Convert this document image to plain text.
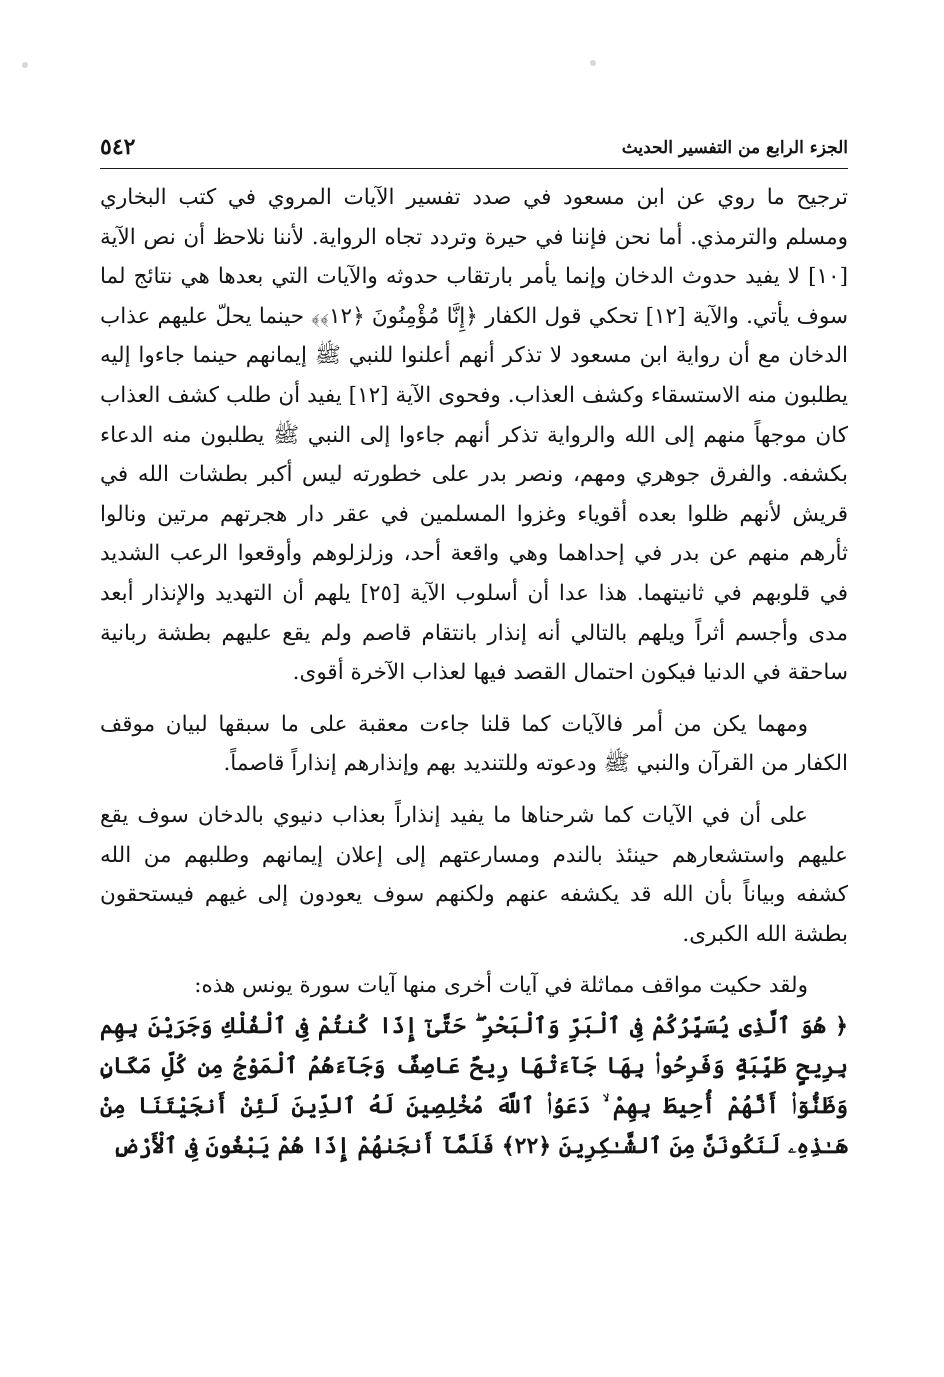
٥٤٢	الجزء الرابع من التفسير الحديث

ترجيح ما روي عن ابن مسعود في صدد تفسير الآيات المروي في كتب البخاري ومسلم والترمذي. أما نحن فإننا في حيرة وتردد تجاه الرواية. لأننا نلاحظ أن نص الآية [١٠] لا يفيد حدوث الدخان وإنما يأمر بارتقاب حدوثه والآيات التي بعدها هي نتائج لما سوف يأتي. والآية [١٢] تحكي قول الكفار ﴿إِنَّا مُؤْمِنُونَ ﴿١٢﴾﴾ حينما يحلّ عليهم عذاب الدخان مع أن رواية ابن مسعود لا تذكر أنهم أعلنوا للنبي ﷺ إيمانهم حينما جاءوا إليه يطلبون منه الاستسقاء وكشف العذاب. وفحوى الآية [١٢] يفيد أن طلب كشف العذاب كان موجهاً منهم إلى الله والرواية تذكر أنهم جاءوا إلى النبي ﷺ يطلبون منه الدعاء بكشفه. والفرق جوهري ومهم، ونصر بدر على خطورته ليس أكبر بطشات الله في قريش لأنهم ظلوا بعده أقوياء وغزوا المسلمين في عقر دار هجرتهم مرتين ونالوا ثأرهم منهم عن بدر في إحداهما وهي واقعة أحد، وزلزلوهم وأوقعوا الرعب الشديد في قلوبهم في ثانيتهما. هذا عدا أن أسلوب الآية [٢٥] يلهم أن التهديد والإنذار أبعد مدى وأجسم أثراً ويلهم بالتالي أنه إنذار بانتقام قاصم ولم يقع عليهم بطشة ربانية ساحقة في الدنيا فيكون احتمال القصد فيها لعذاب الآخرة أقوى.

ومهما يكن من أمر فالآيات كما قلنا جاءت معقبة على ما سبقها لبيان موقف الكفار من القرآن والنبي ﷺ ودعوته وللتنديد بهم وإنذارهم إنذاراً قاصماً.

على أن في الآيات كما شرحناها ما يفيد إنذاراً بعذاب دنيوي بالدخان سوف يقع عليهم واستشعارهم حينئذ بالندم ومسارعتهم إلى إعلان إيمانهم وطلبهم من الله كشفه وبياناً بأن الله قد يكشفه عنهم ولكنهم سوف يعودون إلى غيهم فيستحقون بطشة الله الكبرى.

ولقد حكيت مواقف مماثلة في آيات أخرى منها آيات سورة يونس هذه:

﴿ هُوَ ٱلَّذِى يُسَيِّرُكُمْ فِى ٱلْبَرِّ وَٱلْبَحْرِ ۖ حَتَّىٰٓ إِذَا كُنتُمْ فِى ٱلْفُلْكِ وَجَرَيْنَ بِهِم بِرِيحٍ طَيِّبَةٍ وَفَرِحُوا۟ بِهَا جَآءَتْهَا رِيحٌ عَاصِفٌ وَجَآءَهُمُ ٱلْمَوْجُ مِن كُلِّ مَكَانٍ وَظَنُّوٓا۟ أَنَّهُمْ أُحِيطَ بِهِمْ ۙ دَعَوُا۟ ٱللَّهَ مُخْلِصِينَ لَهُ ٱلدِّينَ لَئِنْ أَنجَيْتَنَا مِنْ هَـٰذِهِۦ لَنَكُونَنَّ مِنَ ٱلشَّـٰكِرِينَ ﴿٢٢﴾ فَلَمَّآ أَنجَىٰهُمْ إِذَا هُمْ يَبْغُونَ فِى ٱلْأَرْضِ
